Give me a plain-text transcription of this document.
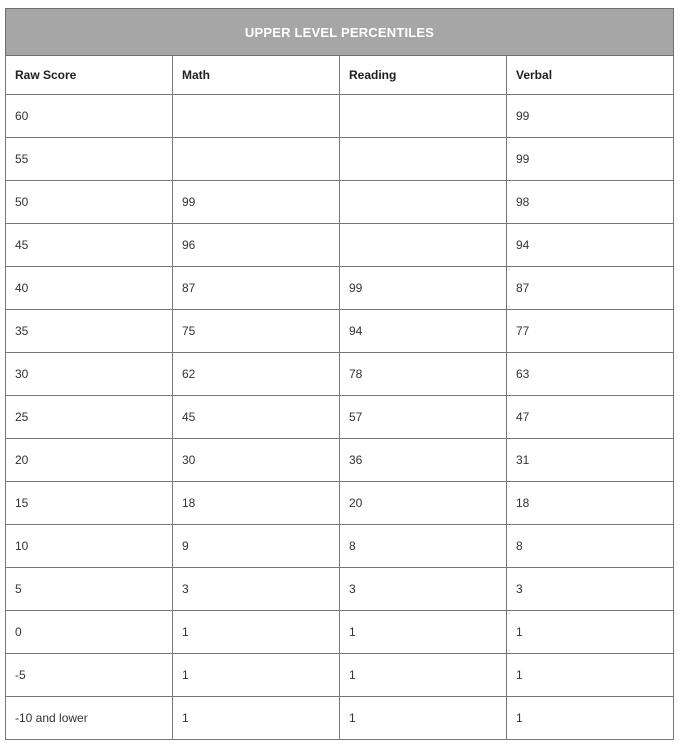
UPPER LEVEL PERCENTILES			
Raw Score	Math	Reading	Verbal
60			99
55			99
50	99		98
45	96		94
40	87	99	87
35	75	94	77
30	62	78	63
25	45	57	47
20	30	36	31
15	18	20	18
10	9	8	8
5	3	3	3
0	1	1	1
-5	1	1	1
-10 and lower	1	1	1
